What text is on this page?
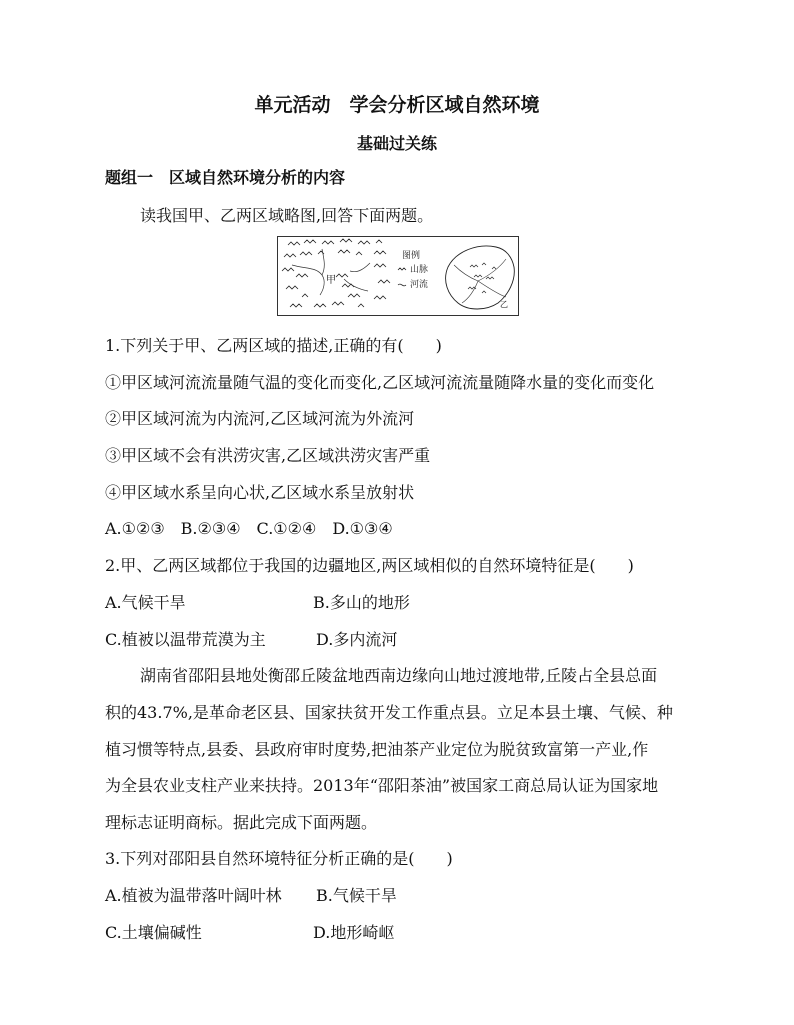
单元活动　学会分析区域自然环境
基础过关练
题组一　区域自然环境分析的内容
读我国甲、乙两区域略图,回答下面两题。
甲
图例
山脉
河流
乙
1.下列关于甲、乙两区域的描述,正确的有(　　)
①甲区域河流流量随气温的变化而变化,乙区域河流流量随降水量的变化而变化
②甲区域河流为内流河,乙区域河流为外流河
③甲区域不会有洪涝灾害,乙区域洪涝灾害严重
④甲区域水系呈向心状,乙区域水系呈放射状
A.①②③　B.②③④　C.①②④　D.①③④
2.甲、乙两区域都位于我国的边疆地区,两区域相似的自然环境特征是(　　)
A.气候干旱	B.多山的地形
C.植被以温带荒漠为主	D.多内流河
湖南省邵阳县地处衡邵丘陵盆地西南边缘向山地过渡地带,丘陵占全县总面
积的43.7%,是革命老区县、国家扶贫开发工作重点县。立足本县土壤、气候、种
植习惯等特点,县委、县政府审时度势,把油茶产业定位为脱贫致富第一产业,作
为全县农业支柱产业来扶持。2013年“邵阳茶油”被国家工商总局认证为国家地
理标志证明商标。据此完成下面两题。
3.下列对邵阳县自然环境特征分析正确的是(　　)
A.植被为温带落叶阔叶林 B.气候干旱
C.土壤偏碱性	D.地形崎岖
